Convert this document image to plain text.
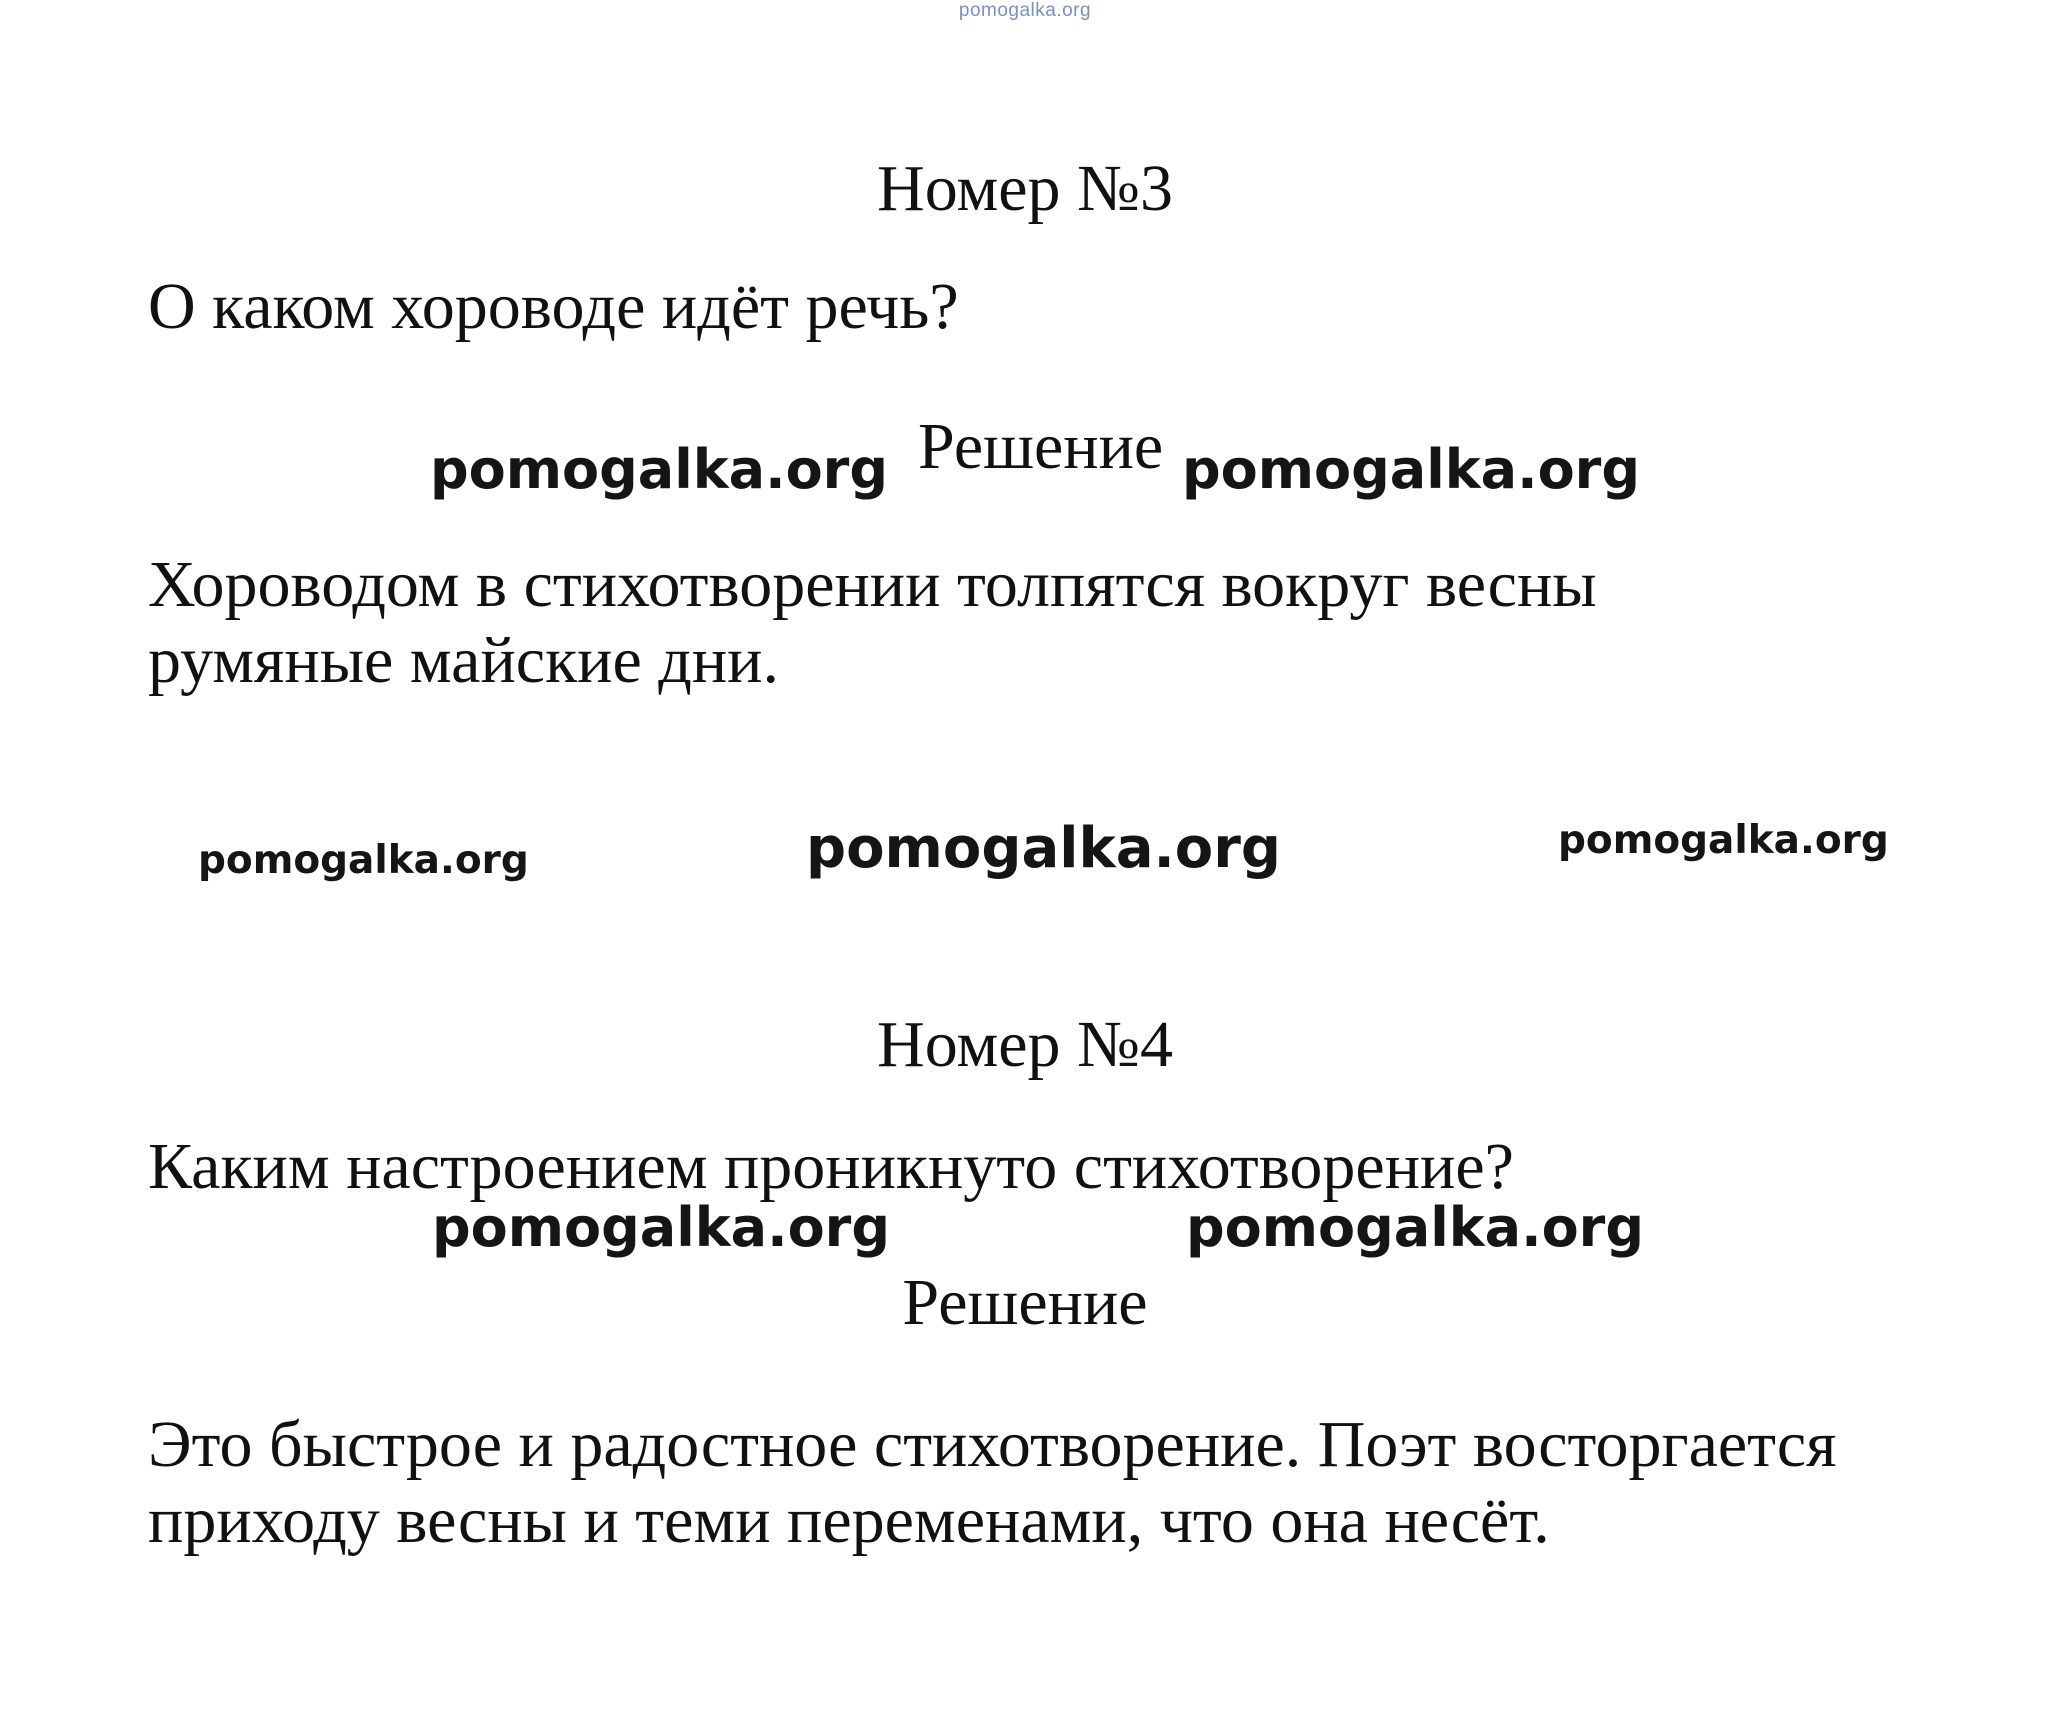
pomogalka.org
Номер №3
О каком хороводе идёт речь?
pomogalka.org Решение pomogalka.org
Хороводом в стихотворении толпятся вокруг весны
румяные майские дни.
pomogalka.org	pomogalka.org	pomogalka.org
Номер №4
Каким настроением проникнуто стихотворение?
pomogalka.org	pomogalka.org
Решение
Это быстрое и радостное стихотворение. Поэт восторгается
приходу весны и теми переменами, что она несёт.
